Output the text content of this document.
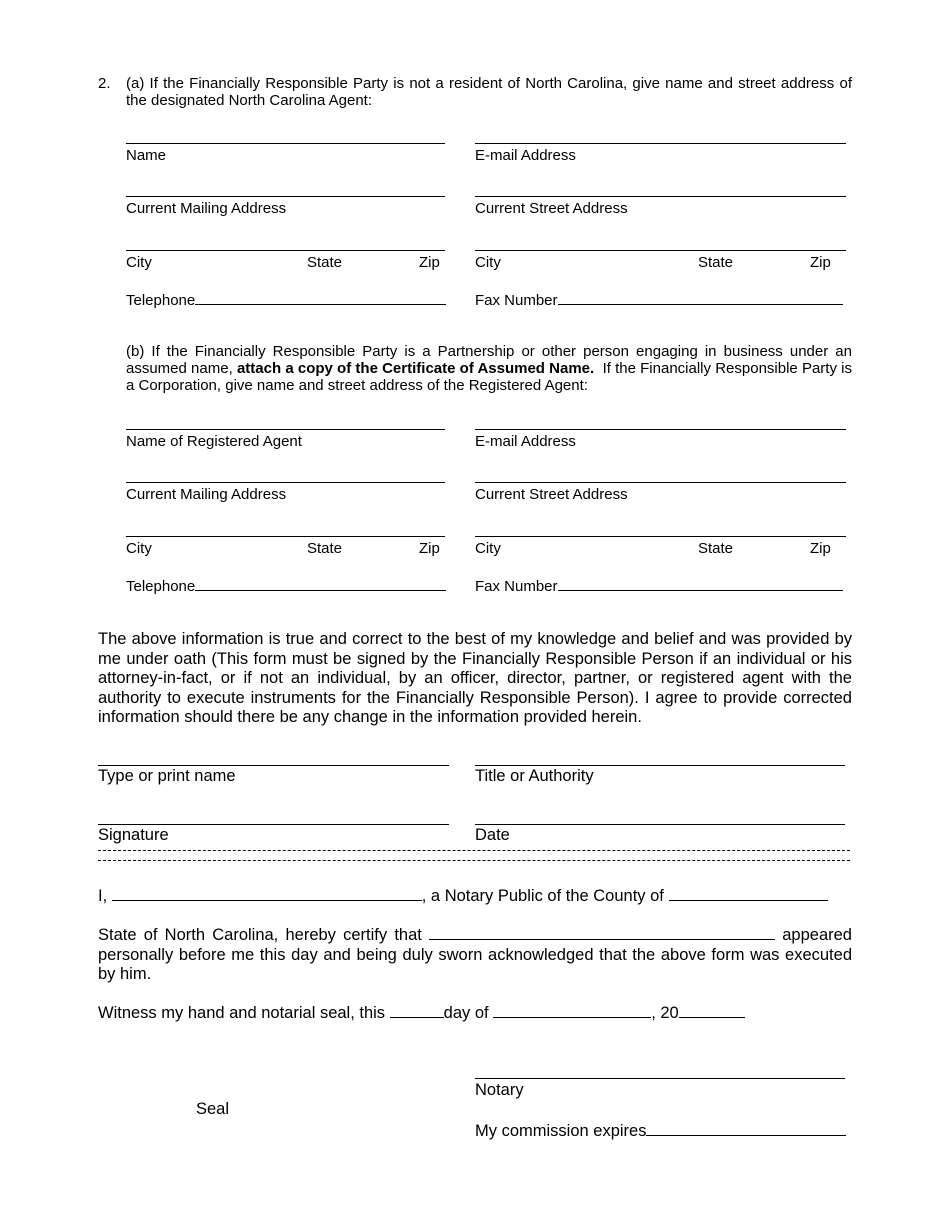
2. (a) If the Financially Responsible Party is not a resident of North Carolina, give name and street address of the designated North Carolina Agent:
Name	E-mail Address
Current Mailing Address	Current Street Address
City	State	Zip City	State	Zip
Telephone	Fax Number
(b) If the Financially Responsible Party is a Partnership or other person engaging in business under an assumed name, attach a copy of the Certificate of Assumed Name. If the Financially Responsible Party is a Corporation, give name and street address of the Registered Agent:
Name of Registered Agent	E-mail Address
Current Mailing Address	Current Street Address
City	State	Zip City	State	Zip
Telephone	Fax Number
The above information is true and correct to the best of my knowledge and belief and was provided by me under oath (This form must be signed by the Financially Responsible Person if an individual or his attorney-in-fact, or if not an individual, by an officer, director, partner, or registered agent with the authority to execute instruments for the Financially Responsible Person). I agree to provide corrected information should there be any change in the information provided herein.
Type or print name	Title or Authority
Signature	Date
I,	, a Notary Public of the County of
State of North Carolina, hereby certify that	appeared personally before me this day and being duly sworn acknowledged that the above form was executed by him.
Witness my hand and notarial seal, this	day of	, 20
Notary
Seal
My commission expires
